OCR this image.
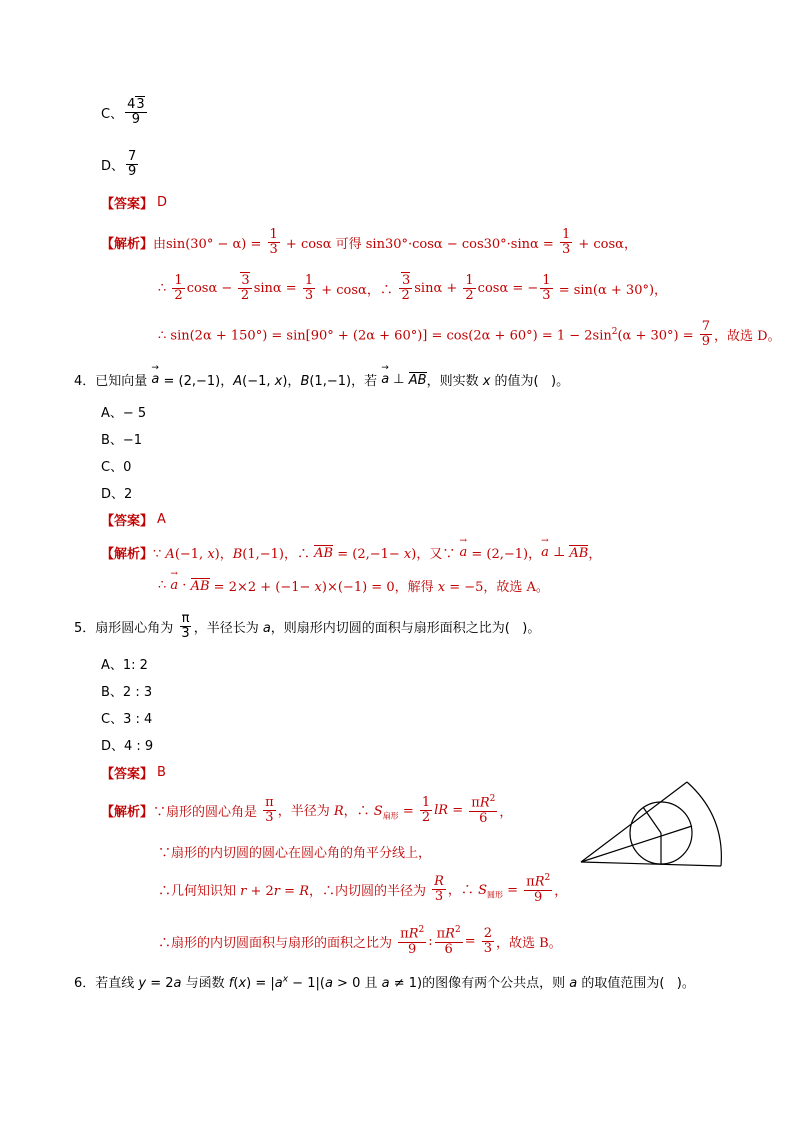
C、 $\frac{43}{9}$
D、 $\frac{7}{9}$
【答案】 D
【解析】 由$\sin(30^\circ - \alpha) = \frac{1}{3} + \cos\alpha$ 可得 $\sin 30^\circ\cdot\cos\alpha - \cos 30^\circ\cdot\sin\alpha = \frac{1}{3} + \cos\alpha$，
∴ $\frac{1}{2}$ $\cos\alpha - \frac{3}{2}$ $\sin\alpha = \frac{1}{3} + \cos\alpha$，∴ $\frac{3}{2}$ $\sin\alpha + \frac{1}{2}$ cosα = − $\frac{1}{3} = \sin(\alpha + 30^\circ)$，
∴ $\sin(2\alpha + 150^\circ) = \sin[90^\circ + (2\alpha + 60^\circ)] = \cos(2\alpha + 60^\circ) = 1 - 2\sin^2(\alpha + 30^\circ) = \frac{7}{9}$ ，故选 D。
4．已知向量 → a = (2,−1)，A(−1, x)，B(1,−1)，若 → a ⊥ AB ，则实数 x 的值为(   )。
A、− 5
B、−1
C、0
D、2
【答案】 A
【解析】 ∵ A(−1, x)，B(1,−1)，∴ AB = (2,−1− x)，又∵ → a = (2,−1)， → a ⊥ AB ，
∴ → a · AB = 2×2 + (−1− x)×(−1) = 0，解得 x = −5，故选 A。
5．扇形圆心角为 $\frac{\pi}{3}$ ，半径长为 a，则扇形内切圆的面积与扇形面积之比为(   )。
A、1: 2
B、2 : 3
C、3 : 4
D、4 : 9
【答案】 B
【解析】 ∵扇形的圆心角是 $\frac{\pi}{3}$ ，半径为 R，∴ $S_{扇形} = \frac{1}{2}$ lR = $\frac{\pi R^2}{6}$ ，
∵扇形的内切圆的圆心在圆心角的角平分线上，
∴几何知识知 r + 2r = R，∴内切圆的半径为 $\frac{R}{3}$ ，∴ $S_{圆形} = \frac{\pi R^2}{9}$ ，
∴扇形的内切圆面积与扇形的面积之比为 $\frac{\pi R^2}{9}$ : $\frac{\pi R^2}{6} = \frac{2}{3}$ ，故选 B。
6．若直线 y = 2a 与函数 $f(x) = |a^x - 1|(a > 0$ 且 a ≠ 1)的图像有两个公共点，则 a 的取值范围为(   )。
